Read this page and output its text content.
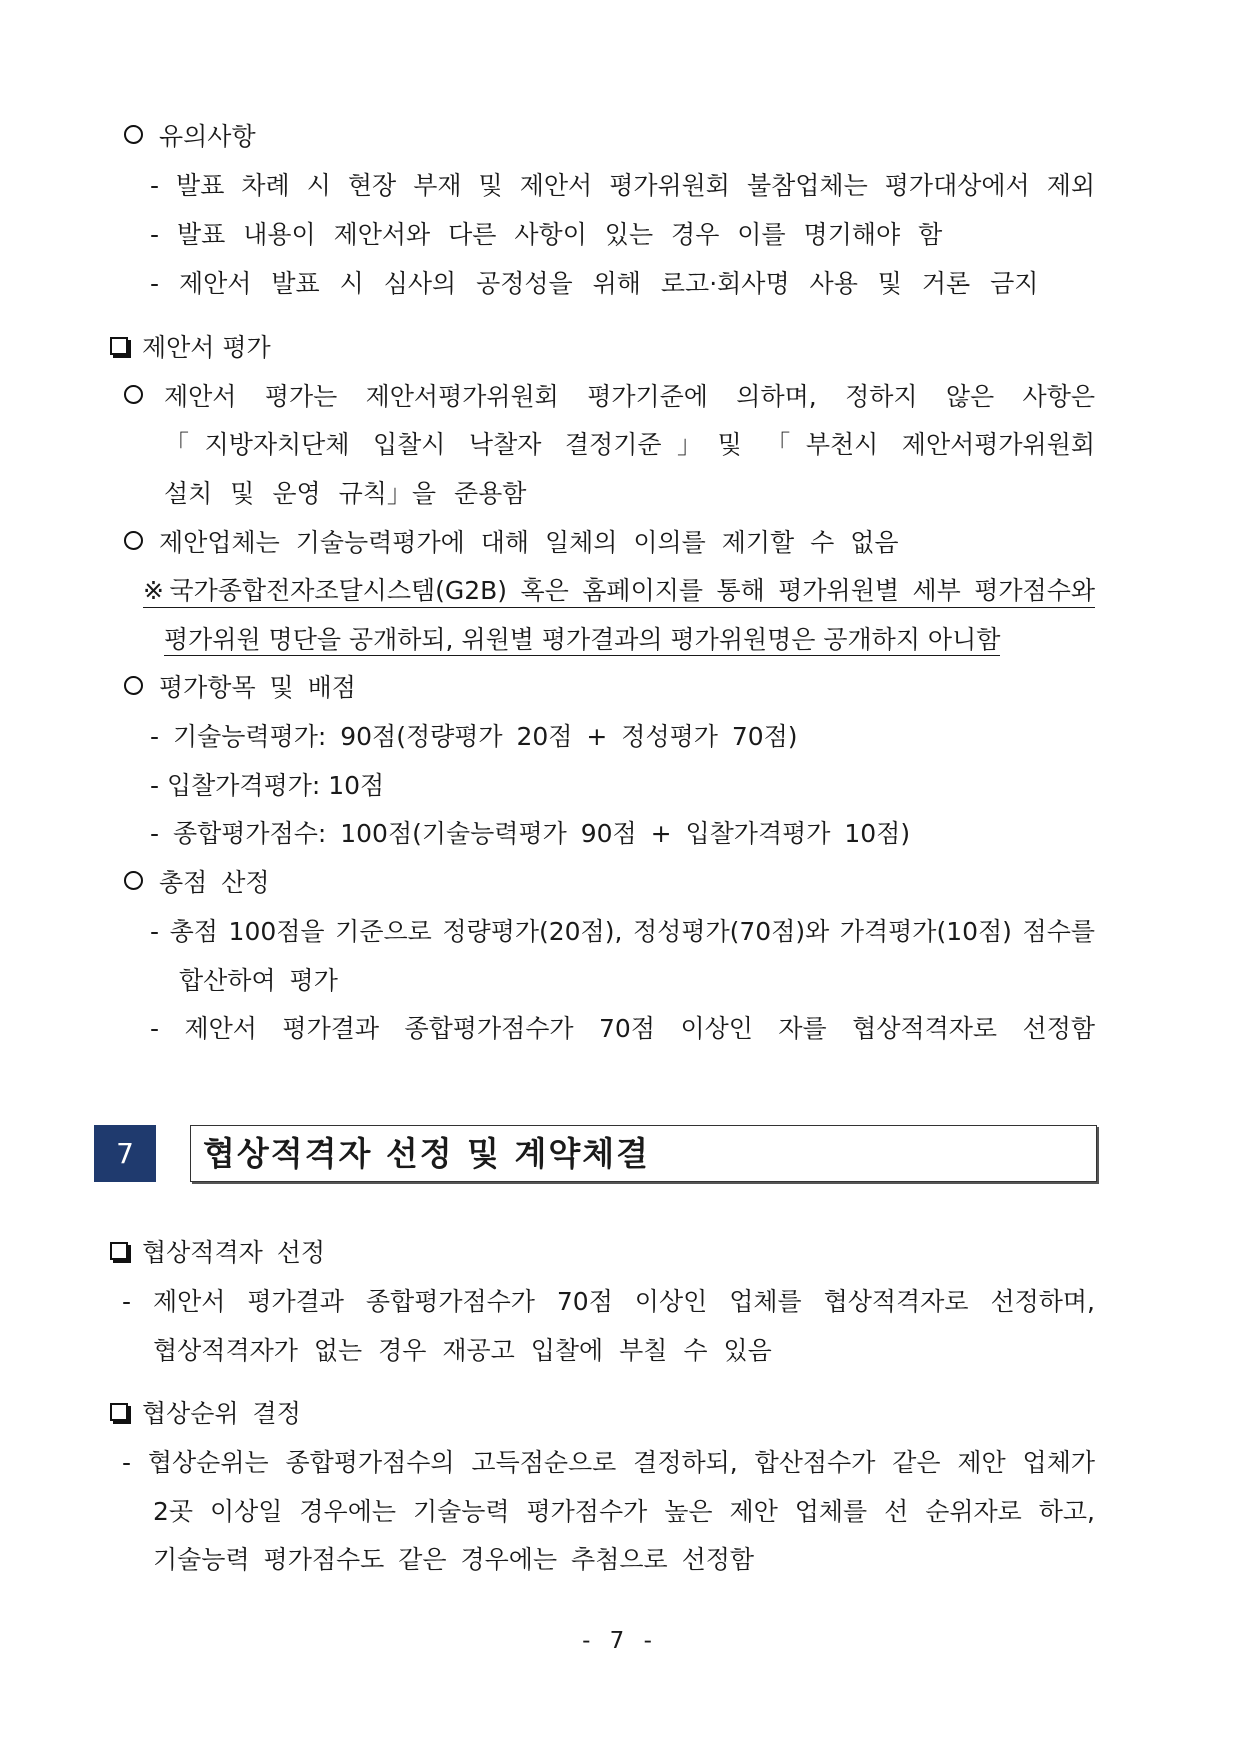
유의사항
- 발표 차례 시 현장 부재 및 제안서 평가위원회 불참업체는 평가대상에서 제외
- 발표 내용이 제안서와 다른 사항이 있는 경우 이를 명기해야 함
- 제안서 발표 시 심사의 공정성을 위해 로고·회사명 사용 및 거론 금지
제안서 평가
제안서 평가는 제안서평가위원회 평가기준에 의하며, 정하지 않은 사항은
「지방자치단체 입찰시 낙찰자 결정기준」및 「부천시 제안서평가위원회
설치 및 운영 규칙」을 준용함
제안업체는 기술능력평가에 대해 일체의 이의를 제기할 수 없음
※국가종합전자조달시스템(G2B) 혹은 홈페이지를 통해 평가위원별 세부 평가점수와
평가위원 명단을 공개하되, 위원별 평가결과의 평가위원명은 공개하지 아니함
평가항목 및 배점
- 기술능력평가: 90점(정량평가 20점 + 정성평가 70점)
- 입찰가격평가: 10점
- 종합평가점수: 100점(기술능력평가 90점 + 입찰가격평가 10점)
총점 산정
- 총점 100점을 기준으로 정량평가(20점), 정성평가(70점)와 가격평가(10점) 점수를
합산하여 평가
- 제안서 평가결과 종합평가점수가 70점 이상인 자를 협상적격자로 선정함
7	협상적격자 선정 및 계약체결
협상적격자 선정
- 제안서 평가결과 종합평가점수가 70점 이상인 업체를 협상적격자로 선정하며,
협상적격자가 없는 경우 재공고 입찰에 부칠 수 있음
협상순위 결정
- 협상순위는 종합평가점수의 고득점순으로 결정하되, 합산점수가 같은 제안 업체가
2곳 이상일 경우에는 기술능력 평가점수가 높은 제안 업체를 선 순위자로 하고,
기술능력 평가점수도 같은 경우에는 추첨으로 선정함
- 7 -
